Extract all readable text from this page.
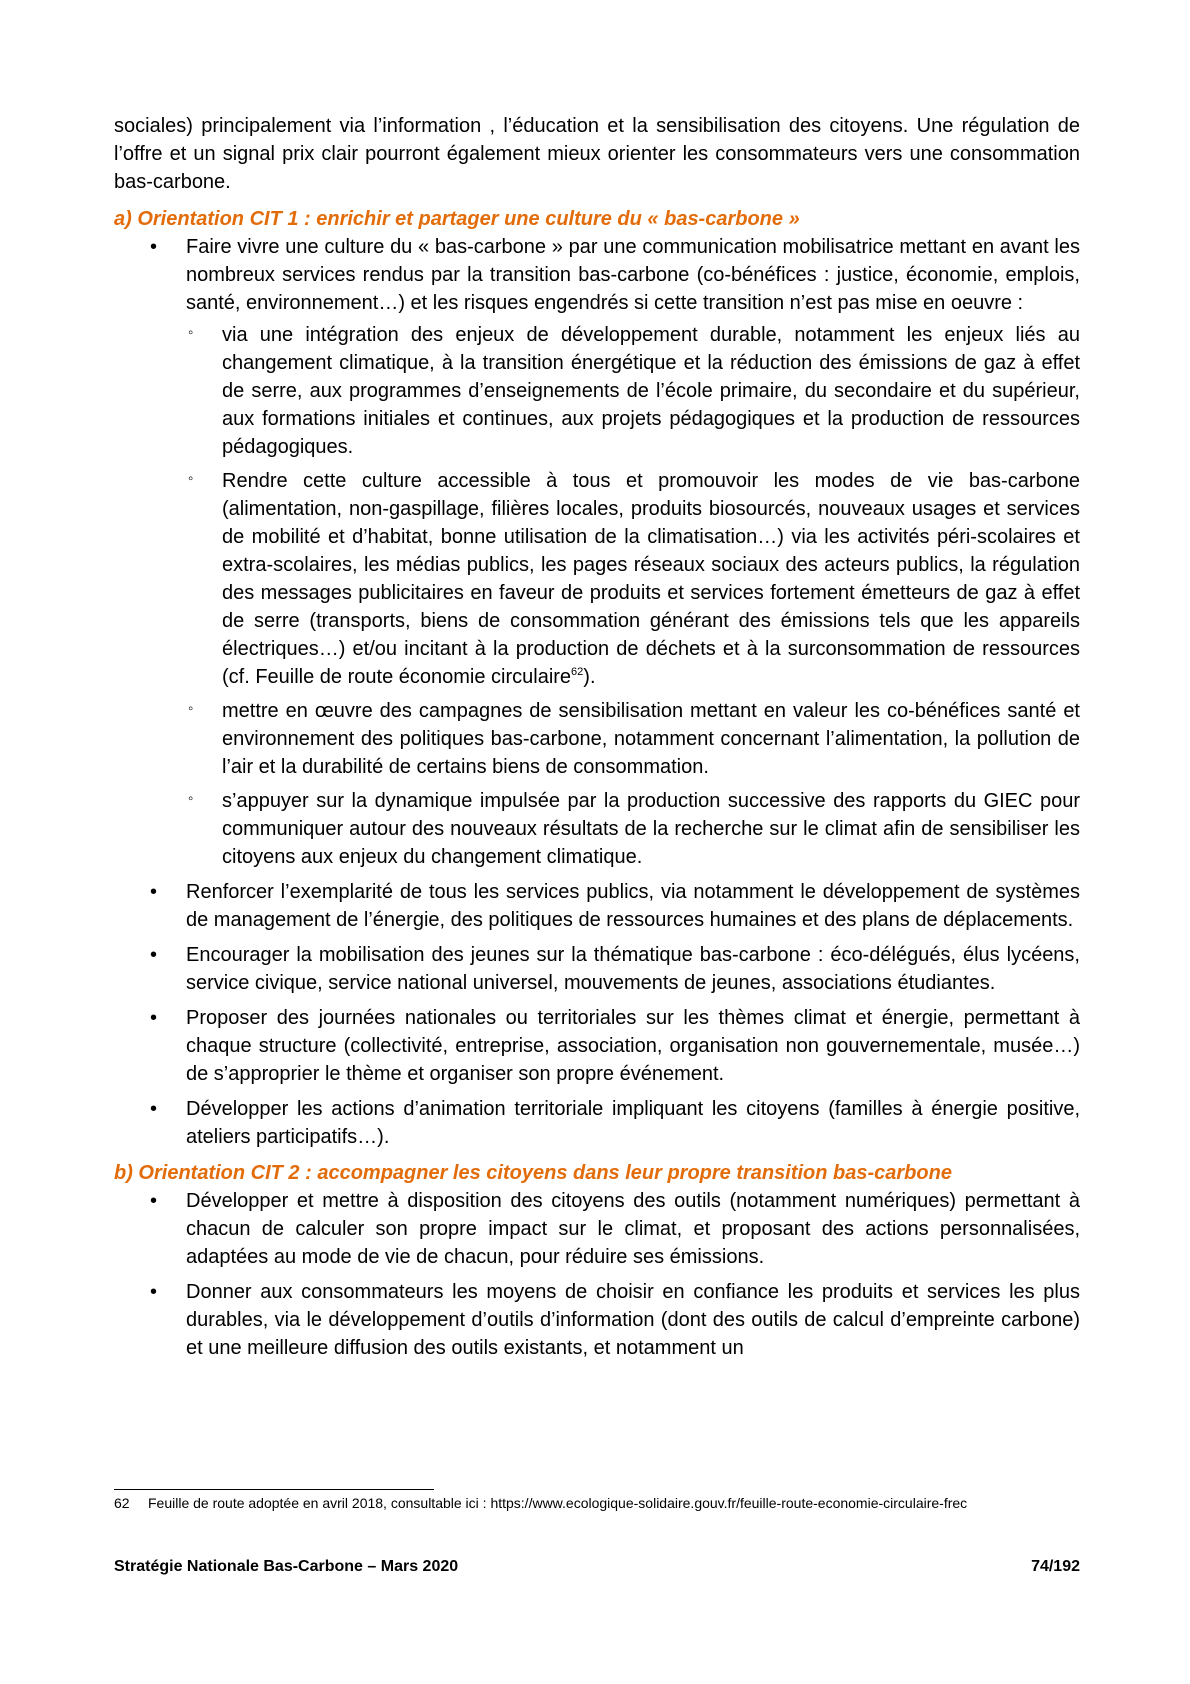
sociales) principalement via l’information , l’éducation et la sensibilisation des citoyens. Une régulation de l’offre et un signal prix clair pourront également mieux orienter les consommateurs vers une consommation bas-carbone.

a) Orientation CIT 1 : enrichir et partager une culture du « bas-carbone »
• Faire vivre une culture du « bas-carbone » par une communication mobilisatrice mettant en avant les nombreux services rendus par la transition bas-carbone (co-bénéfices : justice, économie, emplois, santé, environnement…) et les risques engendrés si cette transition n’est pas mise en oeuvre :
◦ via une intégration des enjeux de développement durable, notamment les enjeux liés au changement climatique, à la transition énergétique et la réduction des émissions de gaz à effet de serre, aux programmes d’enseignements de l’école primaire, du secondaire et du supérieur, aux formations initiales et continues, aux projets pédagogiques et la production de ressources pédagogiques.
◦ Rendre cette culture accessible à tous et promouvoir les modes de vie bas-carbone (alimentation, non-gaspillage, filières locales, produits biosourcés, nouveaux usages et services de mobilité et d’habitat, bonne utilisation de la climatisation…) via les activités péri-scolaires et extra-scolaires, les médias publics, les pages réseaux sociaux des acteurs publics, la régulation des messages publicitaires en faveur de produits et services fortement émetteurs de gaz à effet de serre (transports, biens de consommation générant des émissions tels que les appareils électriques…) et/ou incitant à la production de déchets et à la surconsommation de ressources (cf. Feuille de route économie circulaire$^{62}$).
◦ mettre en œuvre des campagnes de sensibilisation mettant en valeur les co-bénéfices santé et environnement des politiques bas-carbone, notamment concernant l’alimentation, la pollution de l’air et la durabilité de certains biens de consommation.
◦ s’appuyer sur la dynamique impulsée par la production successive des rapports du GIEC pour communiquer autour des nouveaux résultats de la recherche sur le climat afin de sensibiliser les citoyens aux enjeux du changement climatique.
• Renforcer l’exemplarité de tous les services publics, via notamment le développement de systèmes de management de l’énergie, des politiques de ressources humaines et des plans de déplacements.
• Encourager la mobilisation des jeunes sur la thématique bas-carbone : éco-délégués, élus lycéens, service civique, service national universel, mouvements de jeunes, associations étudiantes.
• Proposer des journées nationales ou territoriales sur les thèmes climat et énergie, permettant à chaque structure (collectivité, entreprise, association, organisation non gouvernementale, musée…) de s’approprier le thème et organiser son propre événement.
• Développer les actions d’animation territoriale impliquant les citoyens (familles à énergie positive, ateliers participatifs…).
b) Orientation CIT 2 : accompagner les citoyens dans leur propre transition bas-carbone
• Développer et mettre à disposition des citoyens des outils (notamment numériques) permettant à chacun de calculer son propre impact sur le climat, et proposant des actions personnalisées, adaptées au mode de vie de chacun, pour réduire ses émissions.
• Donner aux consommateurs les moyens de choisir en confiance les produits et services les plus durables, via le développement d’outils d’information (dont des outils de calcul d’empreinte carbone) et une meilleure diffusion des outils existants, et notamment un
62	Feuille de route adoptée en avril 2018, consultable ici : https://www.ecologique-solidaire.gouv.fr/feuille-route-economie-circulaire-frec
Stratégie Nationale Bas-Carbone – Mars 2020	74/192
